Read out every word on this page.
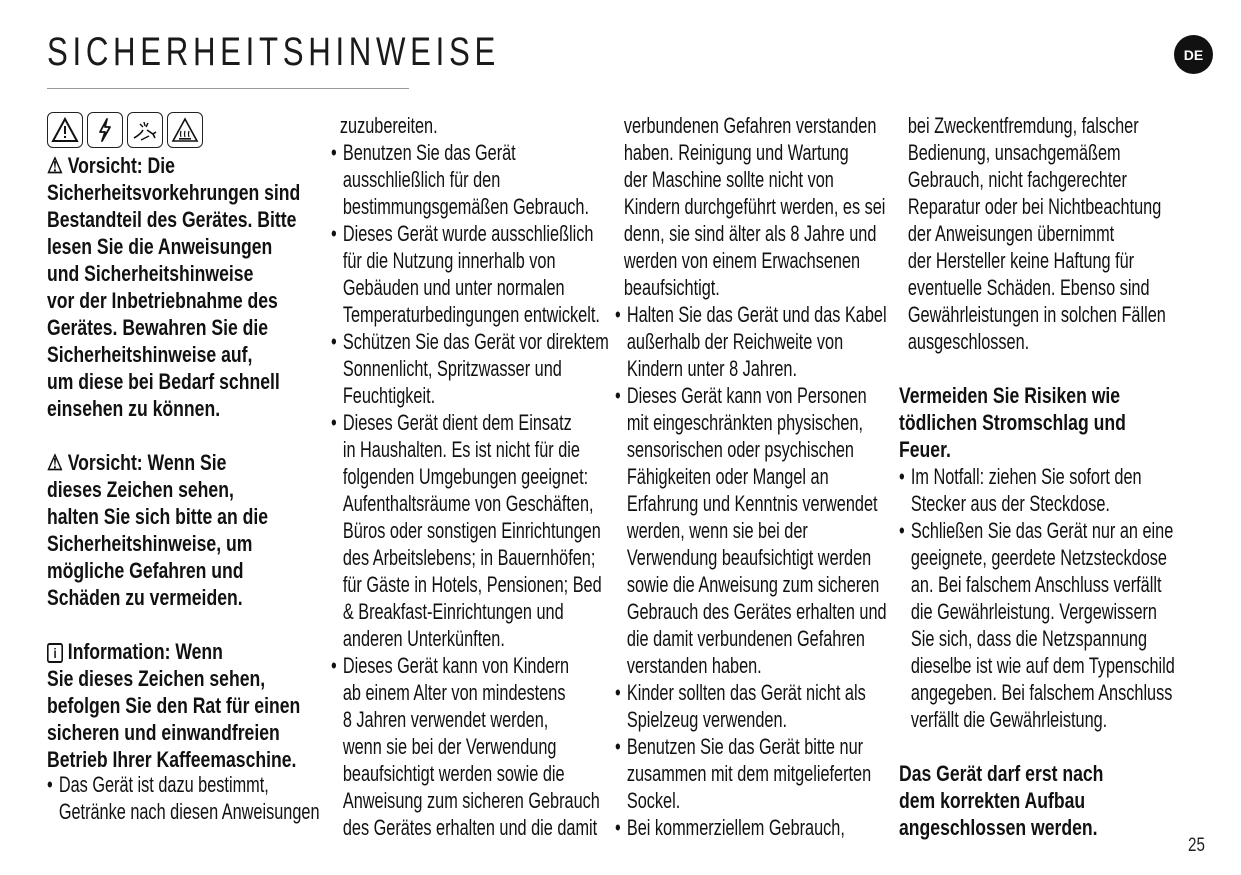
SICHERHEITSHINWEISE	DE
25
⚠ Vorsicht: Die
Sicherheitsvorkehrungen sind
Bestandteil des Gerätes. Bitte
lesen Sie die Anweisungen
und Sicherheitshinweise
vor der Inbetriebnahme des
Gerätes. Bewahren Sie die
Sicherheitshinweise auf,
um diese bei Bedarf schnell
einsehen zu können.
⚠ Vorsicht: Wenn Sie
dieses Zeichen sehen,
halten Sie sich bitte an die
Sicherheitshinweise, um
mögliche Gefahren und
Schäden zu vermeiden.
i Information: Wenn
Sie dieses Zeichen sehen,
befolgen Sie den Rat für einen
sicheren und einwandfreien
Betrieb Ihrer Kaffeemaschine.
• Das Gerät ist dazu bestimmt,
Getränke nach diesen Anweisungen
zuzubereiten.
• Benutzen Sie das Gerät
ausschließlich für den
bestimmungsgemäßen Gebrauch.
• Dieses Gerät wurde ausschließlich
für die Nutzung innerhalb von
Gebäuden und unter normalen
Temperaturbedingungen entwickelt.
• Schützen Sie das Gerät vor direktem
Sonnenlicht, Spritzwasser und
Feuchtigkeit.
• Dieses Gerät dient dem Einsatz
in Haushalten. Es ist nicht für die
folgenden Umgebungen geeignet:
Aufenthaltsräume von Geschäften,
Büros oder sonstigen Einrichtungen
des Arbeitslebens; in Bauernhöfen;
für Gäste in Hotels, Pensionen; Bed
& Breakfast-Einrichtungen und
anderen Unterkünften.
• Dieses Gerät kann von Kindern
ab einem Alter von mindestens
8 Jahren verwendet werden,
wenn sie bei der Verwendung
beaufsichtigt werden sowie die
Anweisung zum sicheren Gebrauch
des Gerätes erhalten und die damit
verbundenen Gefahren verstanden
haben. Reinigung und Wartung
der Maschine sollte nicht von
Kindern durchgeführt werden, es sei
denn, sie sind älter als 8 Jahre und
werden von einem Erwachsenen
beaufsichtigt.
• Halten Sie das Gerät und das Kabel
außerhalb der Reichweite von
Kindern unter 8 Jahren.
• Dieses Gerät kann von Personen
mit eingeschränkten physischen,
sensorischen oder psychischen
Fähigkeiten oder Mangel an
Erfahrung und Kenntnis verwendet
werden, wenn sie bei der
Verwendung beaufsichtigt werden
sowie die Anweisung zum sicheren
Gebrauch des Gerätes erhalten und
die damit verbundenen Gefahren
verstanden haben.
• Kinder sollten das Gerät nicht als
Spielzeug verwenden.
• Benutzen Sie das Gerät bitte nur
zusammen mit dem mitgelieferten
Sockel.
• Bei kommerziellem Gebrauch,
bei Zweckentfremdung, falscher
Bedienung, unsachgemäßem
Gebrauch, nicht fachgerechter
Reparatur oder bei Nichtbeachtung
der Anweisungen übernimmt
der Hersteller keine Haftung für
eventuelle Schäden. Ebenso sind
Gewährleistungen in solchen Fällen
ausgeschlossen.
Vermeiden Sie Risiken wie
tödlichen Stromschlag und
Feuer.
• Im Notfall: ziehen Sie sofort den
Stecker aus der Steckdose.
• Schließen Sie das Gerät nur an eine
geeignete, geerdete Netzsteckdose
an. Bei falschem Anschluss verfällt
die Gewährleistung. Vergewissern
Sie sich, dass die Netzspannung
dieselbe ist wie auf dem Typenschild
angegeben. Bei falschem Anschluss
verfällt die Gewährleistung.
Das Gerät darf erst nach
dem korrekten Aufbau
angeschlossen werden.
